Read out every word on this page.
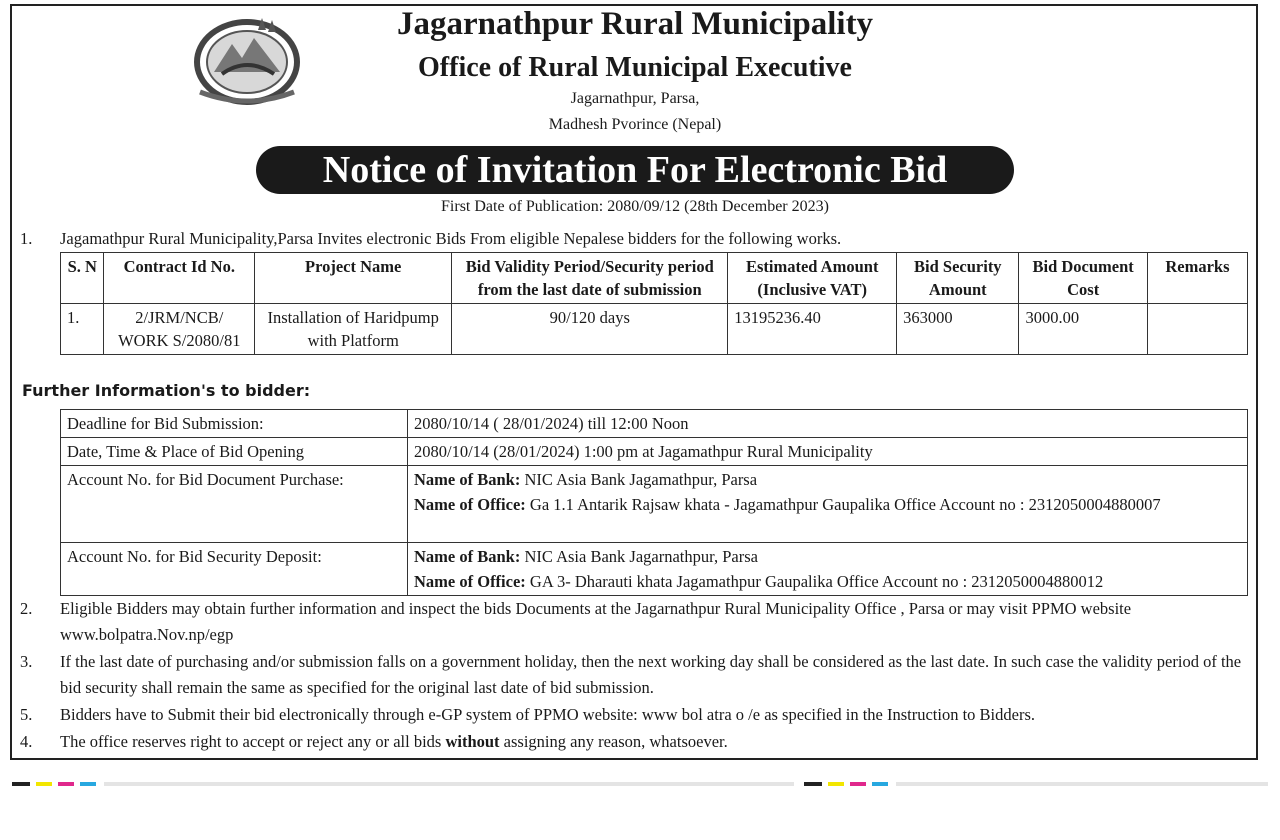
Jagarnathpur Rural Municipality
Office of Rural Municipal Executive
Jagarnathpur, Parsa,
Madhesh Pvorince (Nepal)
Notice of Invitation For Electronic Bid
First Date of Publication: 2080/09/12 (28th December 2023)
1.	Jagamathpur Rural Municipality,Parsa Invites electronic Bids From eligible Nepalese bidders for the following works.
S. N	Contract Id No.	Project Name	Bid Validity Period/Security period from the last date of submission	Estimated Amount (Inclusive VAT)	Bid Security Amount	Bid Document Cost	Remarks
1.	2/JRM/NCB/ WORK S/2080/81	Installation of Haridpump with Platform	90/120 days	13195236.40	363000	3000.00	
Further Information's to bidder:
Deadline for Bid Submission:	2080/10/14 ( 28/01/2024) till 12:00 Noon
Date, Time & Place of Bid Opening	2080/10/14 (28/01/2024) 1:00 pm at Jagamathpur Rural Municipality
Account No. for Bid Document Purchase:	Name of Bank: NIC Asia Bank Jagamathpur, Parsa
Name of Office: Ga 1.1 Antarik Rajsaw khata - Jagamathpur Gaupalika Office Account no : 2312050004880007

Account No. for Bid Security Deposit:	Name of Bank: NIC Asia Bank Jagarnathpur, Parsa
Name of Office: GA 3- Dharauti khata Jagamathpur Gaupalika Office Account no : 2312050004880012
2.	Eligible Bidders may obtain further information and inspect the bids Documents at the Jagarnathpur Rural Municipality Office , Parsa or may visit PPMO website www.bolpatra.Nov.np/egp
3.	If the last date of purchasing and/or submission falls on a government holiday, then the next working day shall be considered as the last date. In such case the validity period of the bid security shall remain the same as specified for the original last date of bid submission.
5.	Bidders have to Submit their bid electronically through e-GP system of PPMO website: www bol atra o /e as specified in the Instruction to Bidders.
4.	The office reserves right to accept or reject any or all bids without assigning any reason, whatsoever.
